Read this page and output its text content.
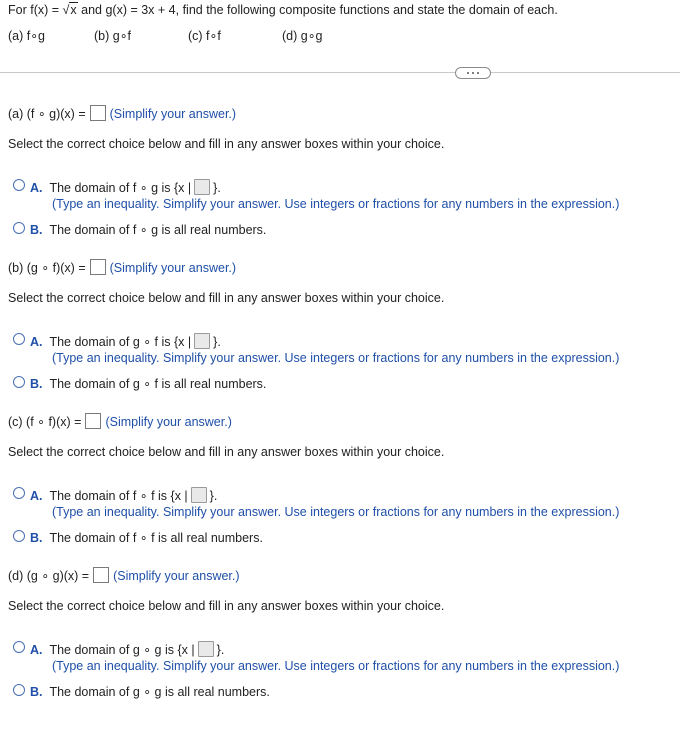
For f(x) = √x and g(x) = 3x + 4, find the following composite functions and state the domain of each.
(a) f∘g	(b) g∘f	(c) f∘f	(d) g∘g
(a) (f ∘ g)(x) = (Simplify your answer.)
Select the correct choice below and fill in any answer boxes within your choice.
A. The domain of f ∘ g is {x | }.
(Type an inequality. Simplify your answer. Use integers or fractions for any numbers in the expression.)
B. The domain of f ∘ g is all real numbers.
(b) (g ∘ f)(x) = (Simplify your answer.)
Select the correct choice below and fill in any answer boxes within your choice.
A. The domain of g ∘ f is {x | }.
(Type an inequality. Simplify your answer. Use integers or fractions for any numbers in the expression.)
B. The domain of g ∘ f is all real numbers.
(c) (f ∘ f)(x) = (Simplify your answer.)
Select the correct choice below and fill in any answer boxes within your choice.
A. The domain of f ∘ f is {x | }.
(Type an inequality. Simplify your answer. Use integers or fractions for any numbers in the expression.)
B. The domain of f ∘ f is all real numbers.
(d) (g ∘ g)(x) = (Simplify your answer.)
Select the correct choice below and fill in any answer boxes within your choice.
A. The domain of g ∘ g is {x | }.
(Type an inequality. Simplify your answer. Use integers or fractions for any numbers in the expression.)
B. The domain of g ∘ g is all real numbers.
